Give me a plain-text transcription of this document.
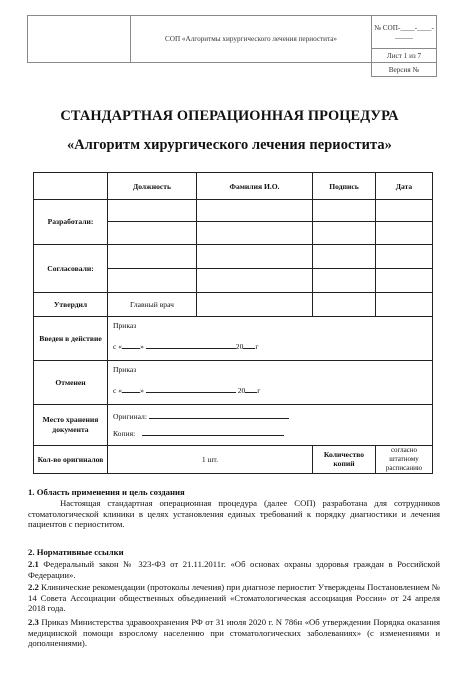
	СОП «Алгоритмы хирургического лечения периостита»	№ СОП-____-____-_____
		Лист 1 из 7
		Версия №
СТАНДАРТНАЯ ОПЕРАЦИОННАЯ ПРОЦЕДУРА
«Алгоритм хирургического лечения периостита»
	Должность	Фамилия И.О.	Подпись	Дата
Разработали:				

Согласовали:				

Утвердил	Главный врач			
Введен в действие	Приказ
с « » 20 г			

Отменен	Приказ
с « » 20 г			

Место хранения документа	Оригинал:
Копия:			

Кол-во оригиналов	1 шт.		Количество копий	согласно штатному расписанию
1. Область применения и цель создания
Настоящая стандартная операционная процедура (далее СОП) разработана для сотрудников стоматологической клиники в целях установления единых требований к порядку диагностики и лечения пациентов с периоститом.
2. Нормативные ссылки
2.1 Федеральный закон № 323-ФЗ от 21.11.2011г. «Об основах охраны здоровья граждан в Российской Федерации».
2.2 Клинические рекомендации (протоколы лечения) при диагнозе периостит Утверждены Постановлением № 14 Совета Ассоциации общественных объединений «Стоматологическая ассоциация России» от 24 апреля 2018 года.
2.3 Приказ Министерства здравоохранения РФ от 31 июля 2020 г. N 786н «Об утверждении Порядка оказания медицинской помощи взрослому населению при стоматологических заболеваниях» (с изменениями и дополнениями).
